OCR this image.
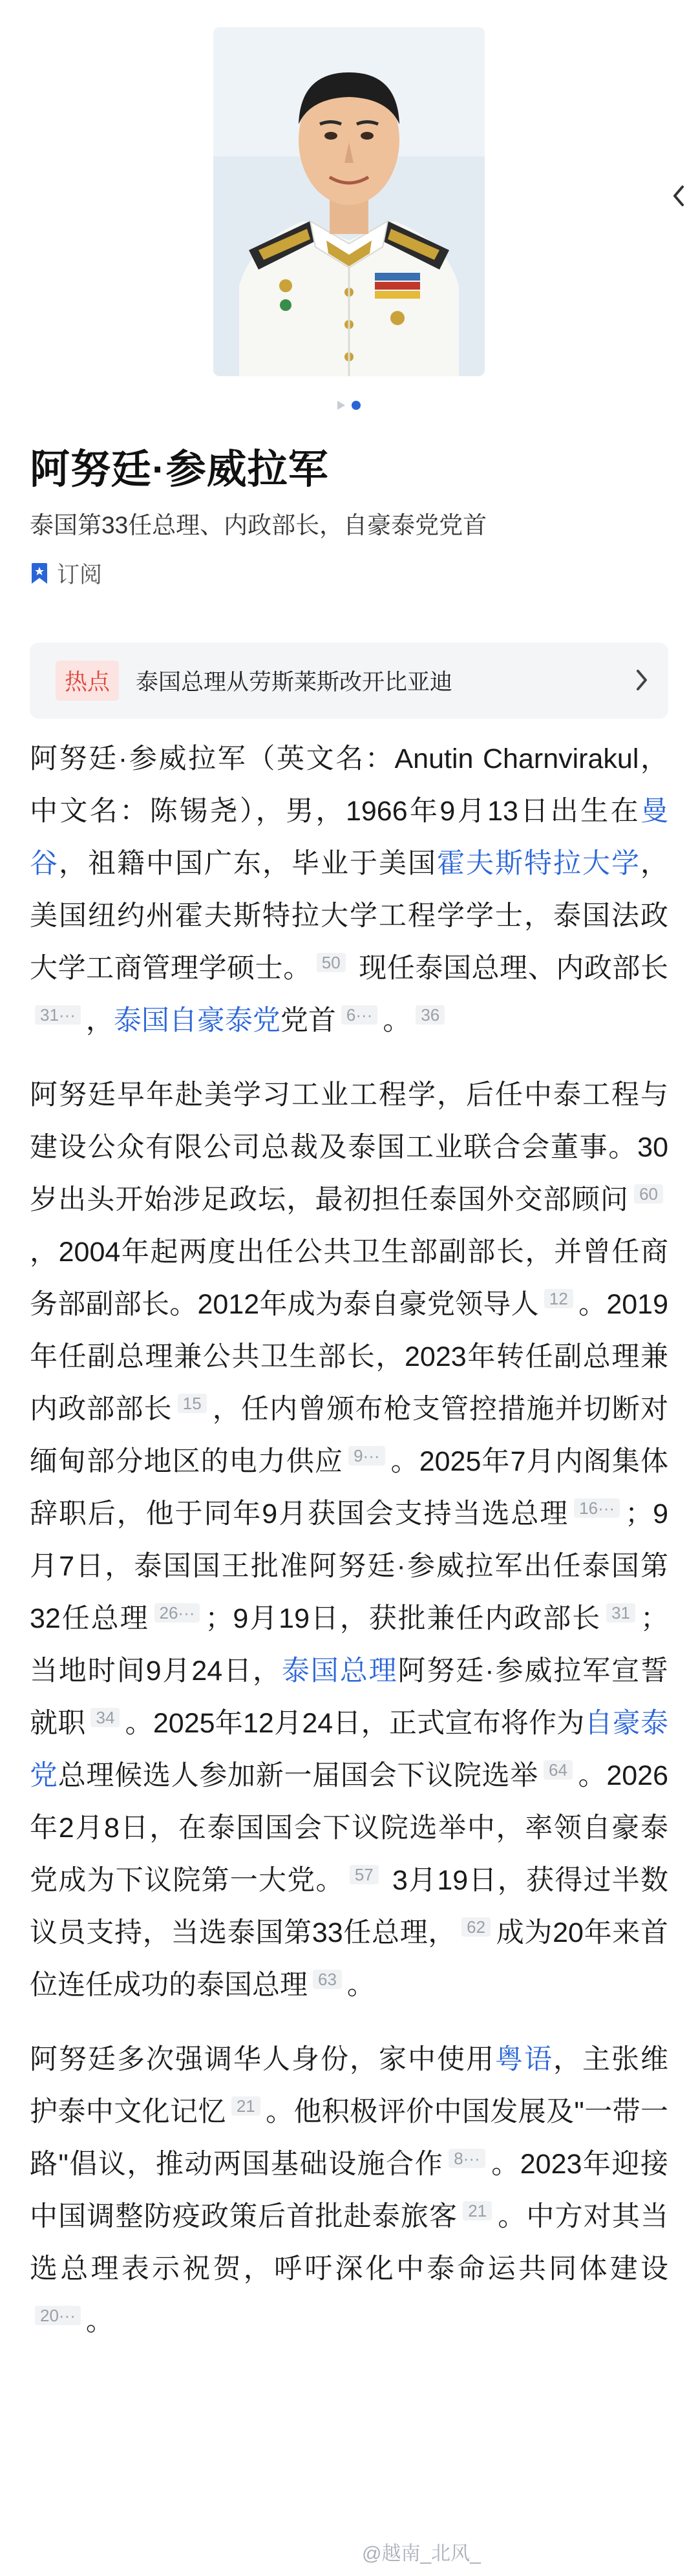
阿努廷·参威拉军
泰国第33任总理、内政部长，自豪泰党党首
订阅
热点	泰国总理从劳斯莱斯改开比亚迪

阿努廷·参威拉军（英文名：Anutin Charnvirakul，中文名：陈锡尧），男，1966年9月13日出生在曼谷，祖籍中国广东，毕业于美国霍夫斯特拉大学，美国纽约州霍夫斯特拉大学工程学学士，泰国法政大学工商管理学硕士。 50 现任泰国总理、内政部长31··· ，泰国自豪泰党党首 6··· 。 36

阿努廷早年赴美学习工业工程学，后任中泰工程与建设公众有限公司总裁及泰国工业联合会董事。30岁出头开始涉足政坛，最初担任泰国外交部顾问 60，2004年起两度出任公共卫生部副部长，并曾任商务部副部长。2012年成为泰自豪党领导人 12 。2019年任副总理兼公共卫生部长，2023年转任副总理兼内政部部长 15 ，任内曾颁布枪支管控措施并切断对缅甸部分地区的电力供应 9··· 。2025年7月内阁集体辞职后，他于同年9月获国会支持当选总理 16··· ；9月7日，泰国国王批准阿努廷·参威拉军出任泰国第32任总理 26··· ；9月19日，获批兼任内政部长 31 ；当地时间9月24日，泰国总理阿努廷·参威拉军宣誓就职 34 。2025年12月24日，正式宣布将作为自豪泰党总理候选人参加新一届国会下议院选举 64 。2026年2月8日，在泰国国会下议院选举中，率领自豪泰党成为下议院第一大党。 57 3月19日，获得过半数议员支持，当选泰国第33任总理， 62 成为20年来首位连任成功的泰国总理 63 。

阿努廷多次强调华人身份，家中使用粤语，主张维护泰中文化记忆 21 。他积极评价中国发展及"一带一路"倡议，推动两国基础设施合作 8··· 。2023年迎接中国调整防疫政策后首批赴泰旅客 21 。中方对其当选总理表示祝贺，呼吁深化中泰命运共同体建设20··· 。

@越南_北风_
